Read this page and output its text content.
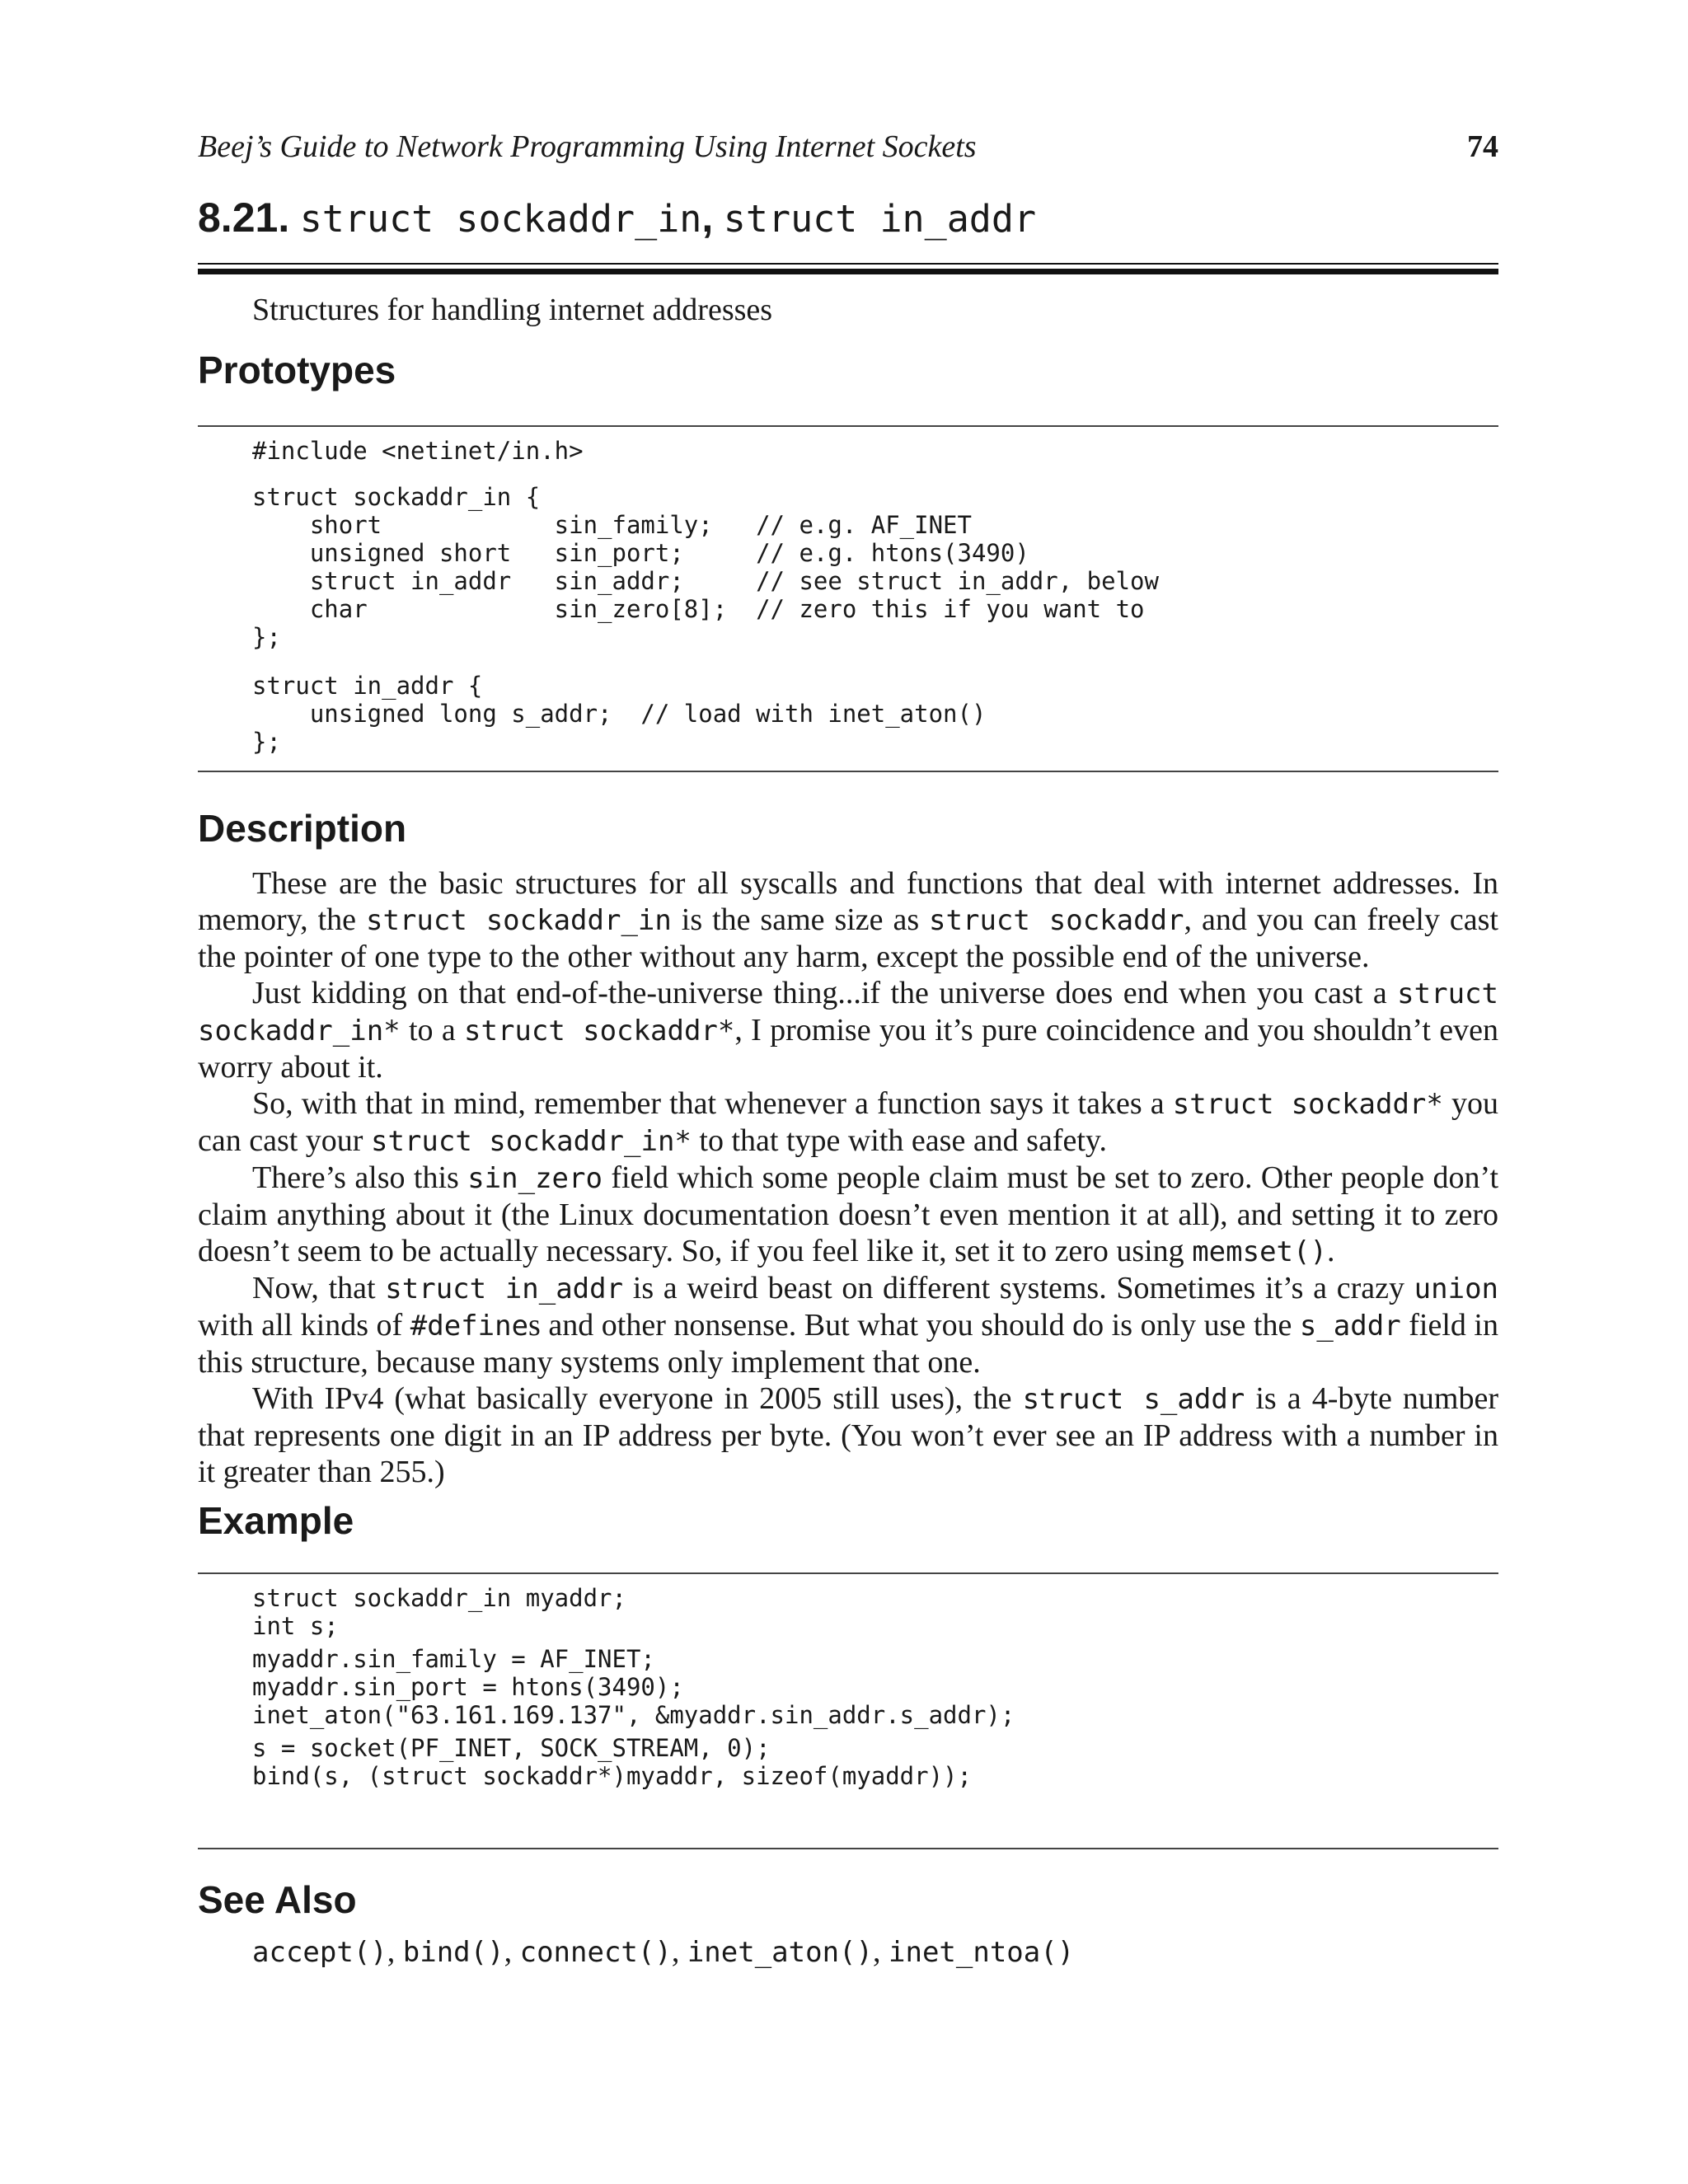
Beej’s Guide to Network Programming Using Internet Sockets	74
8.21. struct sockaddr_in, struct in_addr
Structures for handling internet addresses
Prototypes
#include <netinet/in.h>
struct sockaddr_in {
short            sin_family;   // e.g. AF_INET
unsigned short   sin_port;     // e.g. htons(3490)
struct in_addr   sin_addr;     // see struct in_addr, below
char             sin_zero[8];  // zero this if you want to
};
struct in_addr {
unsigned long s_addr;  // load with inet_aton()
};
Description

These are the basic structures for all syscalls and functions that deal with internet addresses. In memory, the struct sockaddr_in is the same size as struct sockaddr, and you can freely cast the pointer of one type to the other without any harm, except the possible end of the universe.

Just kidding on that end-of-the-universe thing...if the universe does end when you cast a struct sockaddr_in* to a struct sockaddr*, I promise you it’s pure coincidence and you shouldn’t even worry about it.

So, with that in mind, remember that whenever a function says it takes a struct sockaddr* you can cast your struct sockaddr_in* to that type with ease and safety.

There’s also this sin_zero field which some people claim must be set to zero. Other people don’t claim anything about it (the Linux documentation doesn’t even mention it at all), and setting it to zero doesn’t seem to be actually necessary. So, if you feel like it, set it to zero using memset().

Now, that struct in_addr is a weird beast on different systems. Sometimes it’s a crazy union with all kinds of #defines and other nonsense. But what you should do is only use the s_addr field in this structure, because many systems only implement that one.

With IPv4 (what basically everyone in 2005 still uses), the struct s_addr is a 4-byte number that represents one digit in an IP address per byte. (You won’t ever see an IP address with a number in it greater than 255.)

Example
struct sockaddr_in myaddr;
int s;
myaddr.sin_family = AF_INET;
myaddr.sin_port = htons(3490);
inet_aton("63.161.169.137", &myaddr.sin_addr.s_addr);
s = socket(PF_INET, SOCK_STREAM, 0);
bind(s, (struct sockaddr*)myaddr, sizeof(myaddr));
See Also
accept(), bind(), connect(), inet_aton(), inet_ntoa()
